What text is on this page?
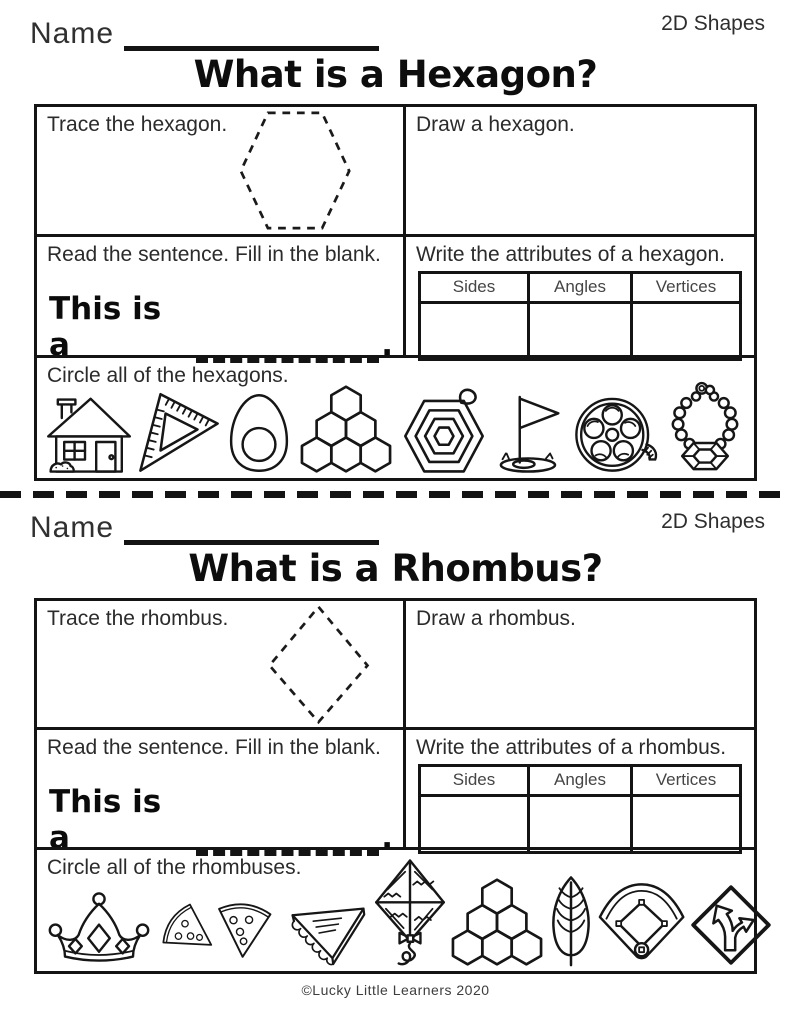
Name	2D Shapes
What is a Hexagon?
Trace the hexagon.	Draw a hexagon.
Read the sentence. Fill in the blank.
This is a	.
Write the attributes of a hexagon.
Sides	Angles	Vertices
Circle all of the hexagons.
Name	2D Shapes
What is a Rhombus?
Trace the rhombus.	Draw a rhombus.
Read the sentence. Fill in the blank.
This is a	.
Write the attributes of a rhombus.
Sides	Angles	Vertices
Circle all of the rhombuses.
©Lucky Little Learners 2020
